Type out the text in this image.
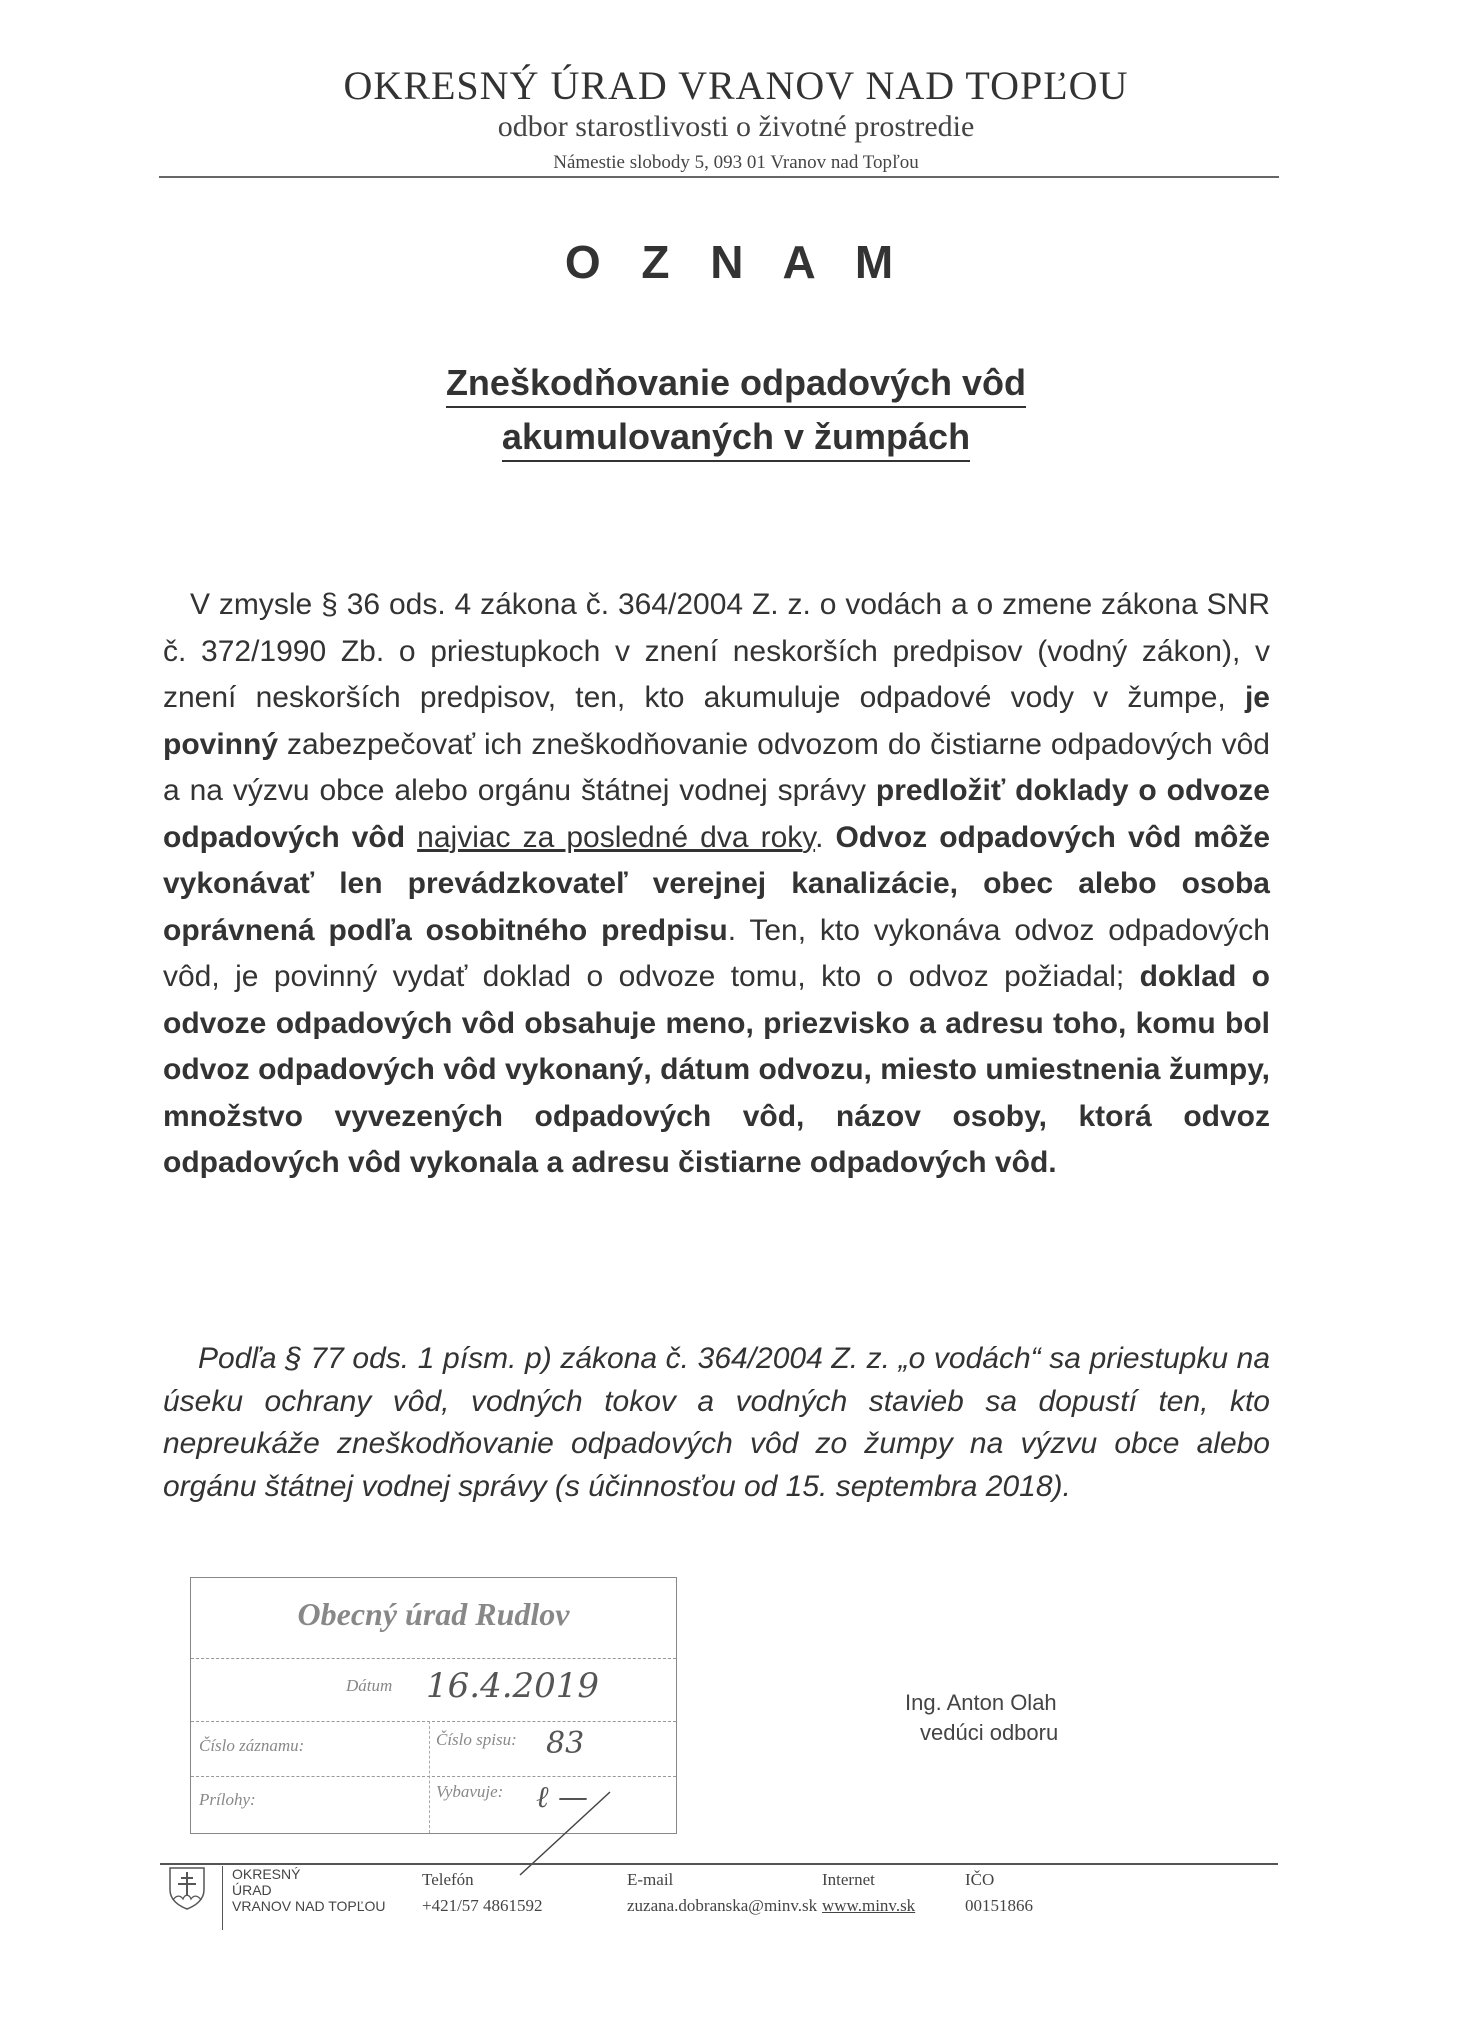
OKRESNÝ ÚRAD VRANOV NAD TOPĽOU
odbor starostlivosti o životné prostredie
Námestie slobody 5, 093 01 Vranov nad Topľou
O Z N A M
Zneškodňovanie odpadových vôd
akumulovaných v žumpách
V zmysle § 36 ods. 4 zákona č. 364/2004 Z. z. o vodách a o zmene zákona SNR č. 372/1990 Zb. o priestupkoch v znení neskorších predpisov (vodný zákon), v znení neskorších predpisov, ten, kto akumuluje odpadové vody v žumpe, je povinný zabezpečovať ich zneškodňovanie odvozom do čistiarne odpadových vôd a na výzvu obce alebo orgánu štátnej vodnej správy predložiť doklady o odvoze odpadových vôd najviac za posledné dva roky. Odvoz odpadových vôd môže vykonávať len prevádzkovateľ verejnej kanalizácie, obec alebo osoba oprávnená podľa osobitného predpisu. Ten, kto vykonáva odvoz odpadových vôd, je povinný vydať doklad o odvoze tomu, kto o odvoz požiadal; doklad o odvoze odpadových vôd obsahuje meno, priezvisko a adresu toho, komu bol odvoz odpadových vôd vykonaný, dátum odvozu, miesto umiestnenia žumpy, množstvo vyvezených odpadových vôd, názov osoby, ktorá odvoz odpadových vôd vykonala a adresu čistiarne odpadových vôd.
Podľa § 77 ods. 1 písm. p) zákona č. 364/2004 Z. z. „o vodách“ sa priestupku na úseku ochrany vôd, vodných tokov a vodných stavieb sa dopustí ten, kto nepreukáže zneškodňovanie odpadových vôd zo žumpy na výzvu obce alebo orgánu štátnej vodnej správy (s účinnosťou od 15. septembra 2018).
Obecný úrad Rudlov
Dátum 16.4.2019
Číslo záznamu:	Číslo spisu: 83
Prílohy:	Vybavuje: ℓ —
Ing. Anton Olah
vedúci odboru
OKRESNÝ
ÚRAD
VRANOV NAD TOPĽOU
Telefón
+421/57 4861592
E-mail
zuzana.dobranska@minv.sk
Internet
www.minv.sk
IČO
00151866
